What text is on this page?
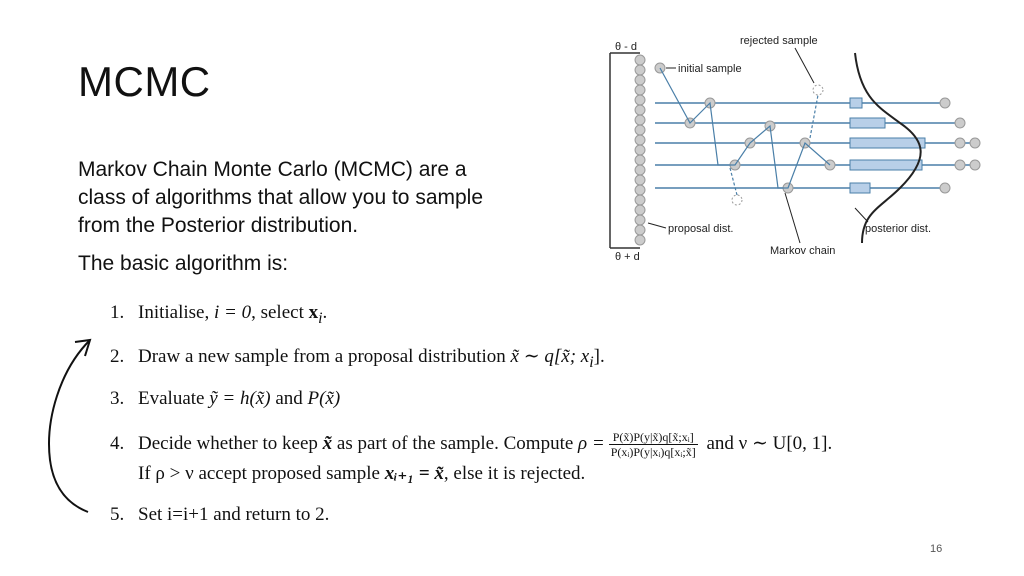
MCMC
Markov Chain Monte Carlo (MCMC) are a
class of algorithms that allow you to sample
from the Posterior distribution.
The basic algorithm is:
θ - d
θ + d
rejected sample
initial sample
proposal dist.
Markov chain
posterior dist.
1. Initialise, i = 0, select $x_i$.
2. Draw a new sample from a proposal distribution x̃ ∼ q[x̃; $x_i$].
3. Evaluate ỹ = h(x̃) and P(x̃)
4. Decide whether to keep x̃ as part of the sample. Compute $\rho = \frac{\text{P(x̃)P(y|x̃)q[x̃;xᵢ]}}{\text{P(xᵢ)P(y|xᵢ)q[xᵢ;x̃]}}$ and ν ∼ U[0, 1].
If ρ > ν accept proposed sample xᵢ₊₁ = x̃, else it is rejected.
5. Set i=i+1 and return to 2.
16
